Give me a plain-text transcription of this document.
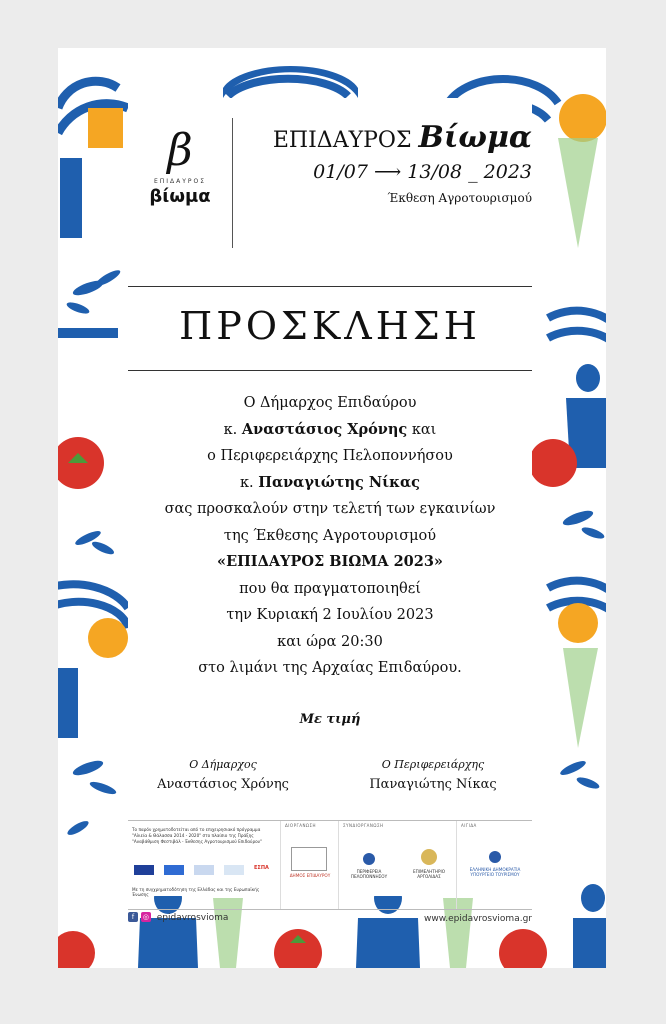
β
ΕΠΙΔΑΥΡΟΣ
βίωμα
ΕΠΙΔΑΥΡΟΣ Βίωμα
01/07 ⟶ 13/08 _ 2023
Έκθεση Αγροτουρισμού
ΠΡΟΣΚΛΗΣΗ
Ο Δήμαρχος Επιδαύρου
κ. Αναστάσιος Χρόνης και
ο Περιφερειάρχης Πελοποννήσου
κ. Παναγιώτης Νίκας
σας προσκαλούν στην τελετή των εγκαινίων
της Έκθεσης Αγροτουρισμού
«ΕΠΙΔΑΥΡΟΣ ΒΙΩΜΑ 2023»
που θα πραγματοποιηθεί
την Κυριακή 2 Ιουλίου 2023
και ώρα 20:30
στο λιμάνι της Αρχαίας Επιδαύρου.
Με τιμή
Ο Δήμαρχος
Αναστάσιος Χρόνης
Ο Περιφερειάρχης
Παναγιώτης Νίκας
Το παρόν χρηματοδοτείται από το επιχειρησιακό πρόγραμμα "Αλιεία & Θάλασσα 2014 - 2020" στο πλαίσιο της Πράξης "Αναβάθμιση Φεστιβάλ - Έκθεσης Αγροτουρισμού Επιδαύρου"
ΕΣΠΑ
Με τη συγχρηματοδότηση της Ελλάδας και της Ευρωπαϊκής Ένωσης
ΔΙΟΡΓΑΝΩΣΗ
ΔΗΜΟΣ ΕΠΙΔΑΥΡΟΥ
ΣΥΝΔΙΟΡΓΑΝΩΣΗ
ΠΕΡΙΦΕΡΕΙΑ ΠΕΛΟΠΟΝΝΗΣΟΥ
ΕΠΙΜΕΛΗΤΗΡΙΟ ΑΡΓΟΛΙΔΑΣ
ΑΙΓΙΔΑ
ΕΛΛΗΝΙΚΗ ΔΗΜΟΚΡΑΤΙΑ ΥΠΟΥΡΓΕΙΟ ΤΟΥΡΙΣΜΟΥ
f ◎ epidavrosvioma	www.epidavrosvioma.gr
